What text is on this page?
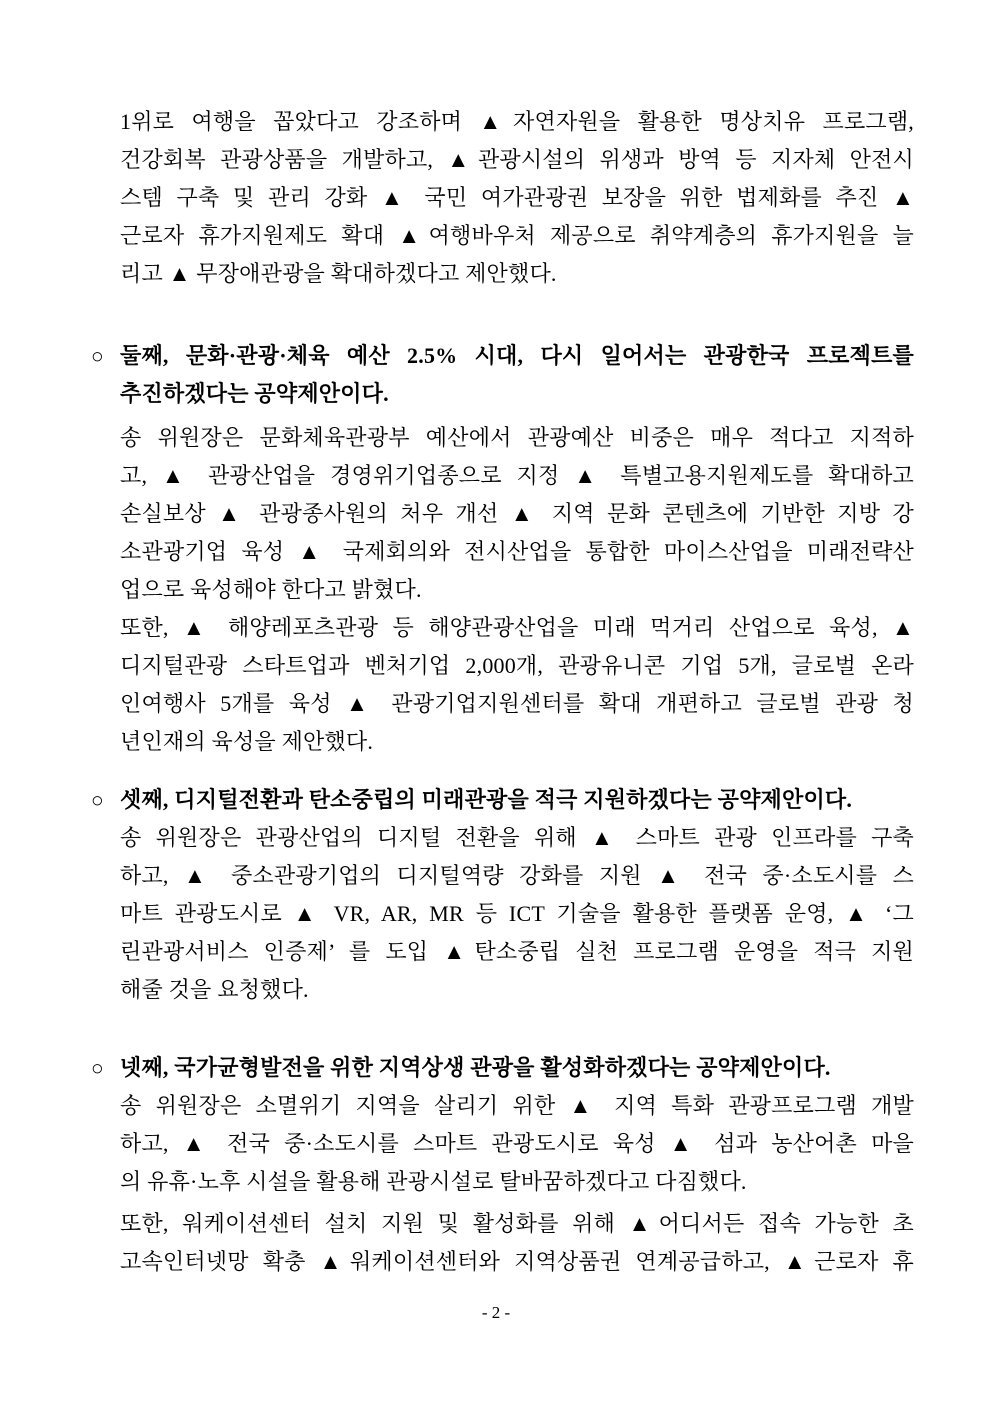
1위로 여행을 꼽았다고 강조하며 ▲자연자원을 활용한 명상치유 프로그램,
건강회복 관광상품을 개발하고, ▲관광시설의 위생과 방역 등 지자체 안전시
스템 구축 및 관리 강화 ▲ 국민 여가관광권 보장을 위한 법제화를 추진 ▲
근로자 휴가지원제도 확대 ▲여행바우처 제공으로 취약계층의 휴가지원을 늘
리고 ▲ 무장애관광을 확대하겠다고 제안했다.
○ 둘째, 문화·관광·체육 예산 2.5% 시대, 다시 일어서는 관광한국 프로젝트를
추진하겠다는 공약제안이다.
송 위원장은 문화체육관광부 예산에서 관광예산 비중은 매우 적다고 지적하
고, ▲ 관광산업을 경영위기업종으로 지정 ▲ 특별고용지원제도를 확대하고
손실보상 ▲ 관광종사원의 처우 개선 ▲ 지역 문화 콘텐츠에 기반한 지방 강
소관광기업 육성 ▲ 국제회의와 전시산업을 통합한 마이스산업을 미래전략산
업으로 육성해야 한다고 밝혔다.
또한, ▲ 해양레포츠관광 등 해양관광산업을 미래 먹거리 산업으로 육성, ▲
디지털관광 스타트업과 벤처기업 2,000개, 관광유니콘 기업 5개, 글로벌 온라
인여행사 5개를 육성 ▲ 관광기업지원센터를 확대 개편하고 글로벌 관광 청
년인재의 육성을 제안했다.
○ 셋째, 디지털전환과 탄소중립의 미래관광을 적극 지원하겠다는 공약제안이다.
송 위원장은 관광산업의 디지털 전환을 위해 ▲ 스마트 관광 인프라를 구축
하고, ▲ 중소관광기업의 디지털역량 강화를 지원 ▲ 전국 중·소도시를 스
마트 관광도시로 ▲ VR, AR, MR 등 ICT 기술을 활용한 플랫폼 운영, ▲ ‘그
린관광서비스 인증제’ 를 도입 ▲탄소중립 실천 프로그램 운영을 적극 지원
해줄 것을 요청했다.
○ 넷째, 국가균형발전을 위한 지역상생 관광을 활성화하겠다는 공약제안이다.
송 위원장은 소멸위기 지역을 살리기 위한 ▲ 지역 특화 관광프로그램 개발
하고, ▲ 전국 중·소도시를 스마트 관광도시로 육성 ▲ 섬과 농산어촌 마을
의 유휴·노후 시설을 활용해 관광시설로 탈바꿈하겠다고 다짐했다.
또한, 워케이션센터 설치 지원 및 활성화를 위해 ▲어디서든 접속 가능한 초
고속인터넷망 확충 ▲워케이션센터와 지역상품권 연계공급하고, ▲근로자 휴
- 2 -
